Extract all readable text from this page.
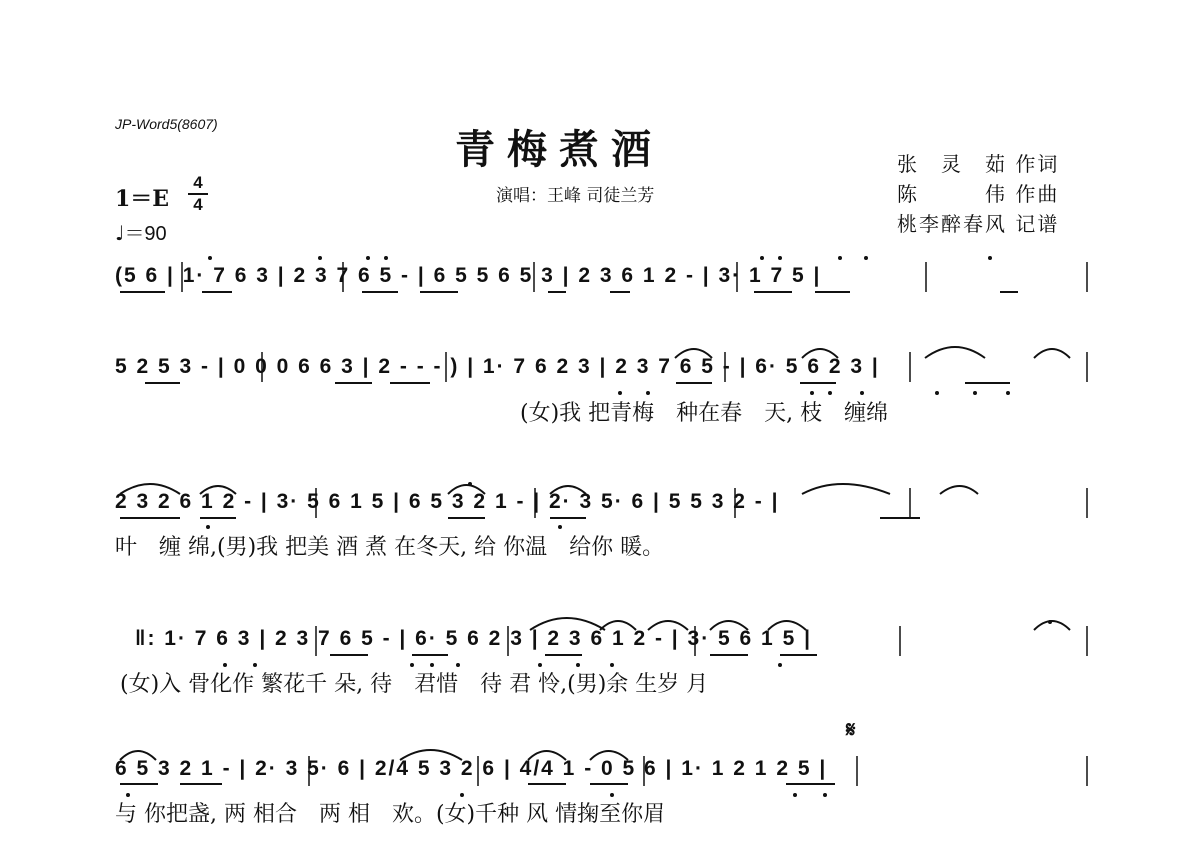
JP-Word5(8607)
青梅煮酒
演唱：王峰 司徒兰芳
张　灵　茹 作词
陈　　　伟 作曲
桃李醉春风 记谱
1＝E
4
4
♩＝90
(5 6 | 1· 7 6 3 | 2 3 7 6 5 - | 6 5 5 6 5 3 | 2 3 6 1 2 - | 3· 1 7 5 |
5 2 5 3 - | 0 0 0 6 6 3 | 2 - - - ) | 1· 7 6 2 3 | 2 3 7 6 5 - | 6· 5 6 2 3 |
(女)我 把青梅　种在春　天, 枝　缠绵
2 3 2 6 1 2 - | 3· 5 6 1 5 | 6 5 3 2 1 - | 2· 3 5· 6 | 5 5 3 2 - |
叶　缠 绵,(男)我 把美 酒 煮 在冬天, 给 你温　给你 暖。
‖: 1· 7 6 3 | 2 3 7 6 5 - | 6· 5 6 2 3 | 2 3 6 1 2 - | 3· 5 6 1 5 |
(女)入 骨化作 繁花千 朵, 待　君惜　待 君 怜,(男)余 生岁 月
𝄋
6 5 3 2 1 - | 2· 3 5· 6 | 2/4 5 3 2 6 | 4/4 1 - 0 5 6 | 1· 1 2 1 2 5 |
与 你把盏, 两 相合　两 相　欢。(女)千种 风 情掬至你眉
